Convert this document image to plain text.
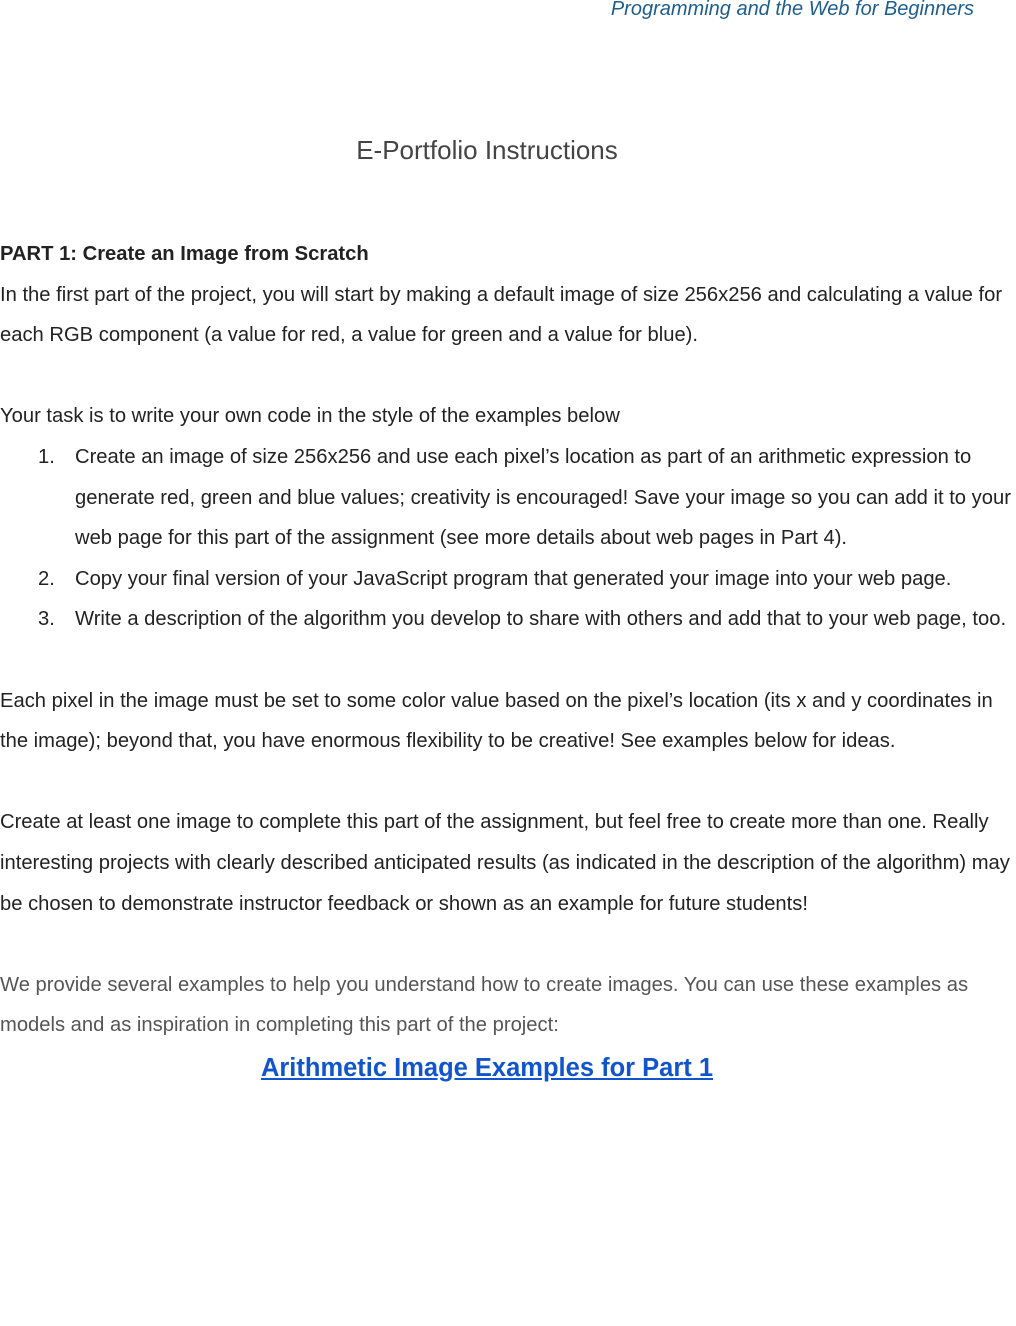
Programming and the Web for Beginners
E-Portfolio Instructions

PART 1: Create an Image from Scratch

In the first part of the project, you will start by making a default image of size 256x256 and calculating a value for each RGB component (a value for red, a value for green and a value for blue).

Your task is to write your own code in the style of the examples below

1. Create an image of size 256x256 and use each pixel’s location as part of an arithmetic expression to generate red, green and blue values; creativity is encouraged! Save your image so you can add it to your web page for this part of the assignment (see more details about web pages in Part 4).
2. Copy your final version of your JavaScript program that generated your image into your web page.
3. Write a description of the algorithm you develop to share with others and add that to your web page, too.

Each pixel in the image must be set to some color value based on the pixel’s location (its x and y coordinates in the image); beyond that, you have enormous flexibility to be creative! See examples below for ideas.

Create at least one image to complete this part of the assignment, but feel free to create more than one. Really interesting projects with clearly described anticipated results (as indicated in the description of the algorithm) may be chosen to demonstrate instructor feedback or shown as an example for future students!

We provide several examples to help you understand how to create images. You can use these examples as models and as inspiration in completing this part of the project:

Arithmetic Image Examples for Part 1
